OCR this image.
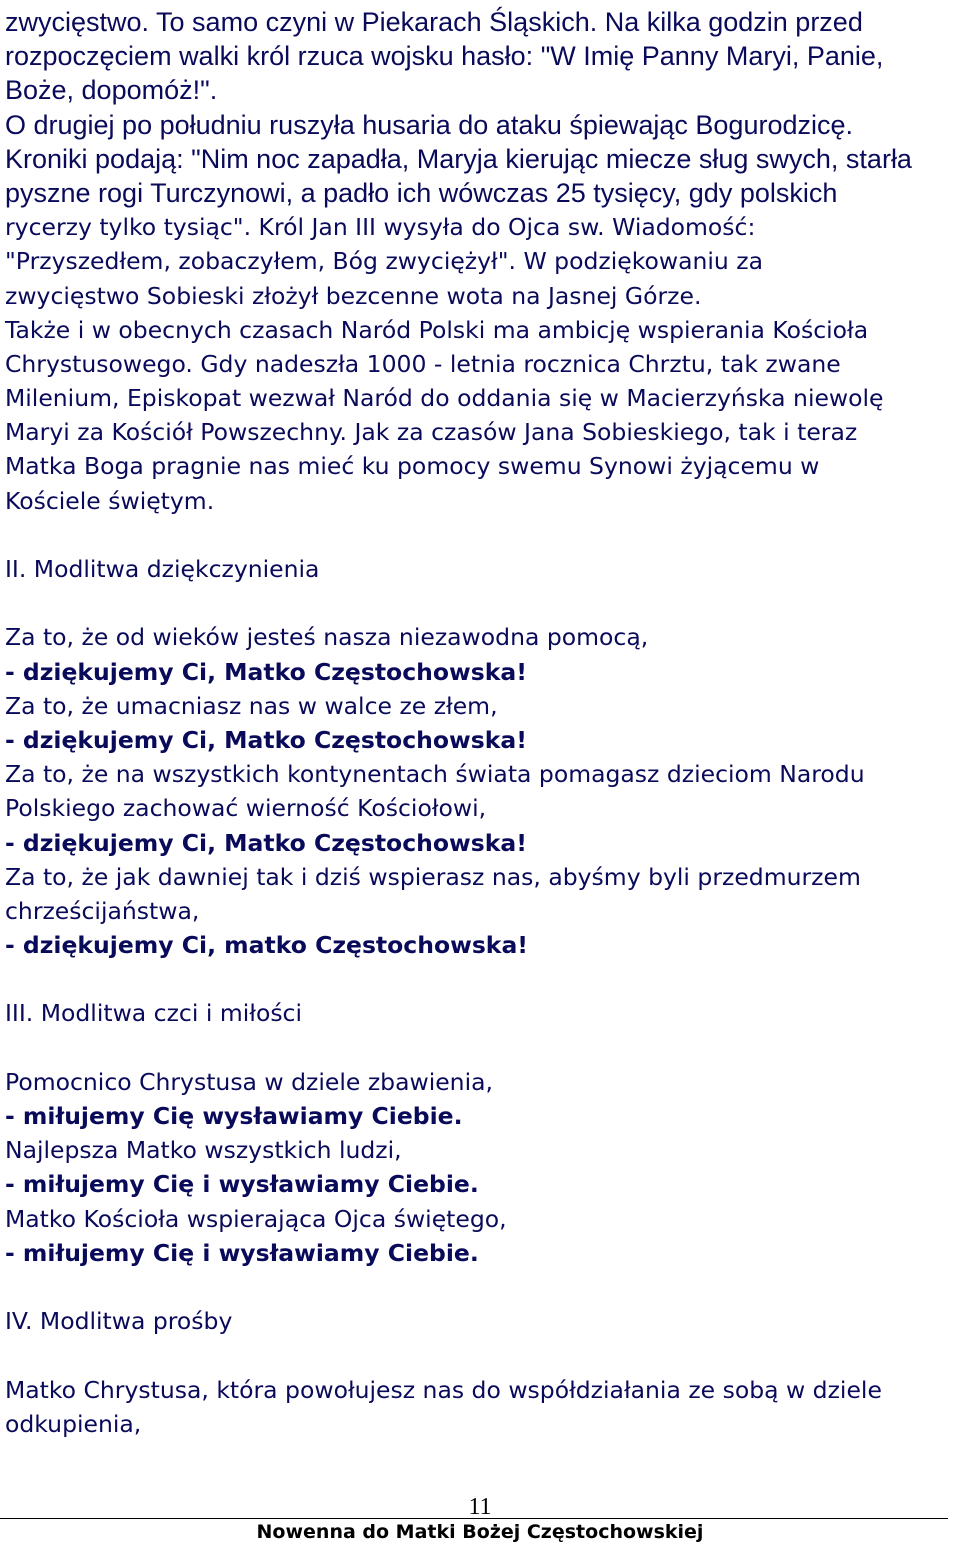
zwycięstwo. To samo czyni w Piekarach Śląskich. Na kilka godzin przed
rozpoczęciem walki król rzuca wojsku hasło: "W Imię Panny Maryi, Panie,
Boże, dopomóż!".
O drugiej po południu ruszyła husaria do ataku śpiewając Bogurodzicę.
Kroniki podają: "Nim noc zapadła, Maryja kierując miecze sług swych, starła
pyszne rogi Turczynowi, a padło ich wówczas 25 tysięcy, gdy polskich
rycerzy tylko tysiąc". Król Jan III wysyła do Ojca sw. Wiadomość:
"Przyszedłem, zobaczyłem, Bóg zwyciężył". W podziękowaniu za
zwycięstwo Sobieski złożył bezcenne wota na Jasnej Górze.
Także i w obecnych czasach Naród Polski ma ambicję wspierania Kościoła
Chrystusowego. Gdy nadeszła 1000 - letnia rocznica Chrztu, tak zwane
Milenium, Episkopat wezwał Naród do oddania się w Macierzyńska niewolę
Maryi za Kościół Powszechny. Jak za czasów Jana Sobieskiego, tak i teraz
Matka Boga pragnie nas mieć ku pomocy swemu Synowi żyjącemu w
Kościele świętym.
II. Modlitwa dziękczynienia
Za to, że od wieków jesteś nasza niezawodna pomocą,
- dziękujemy Ci, Matko Częstochowska!
Za to, że umacniasz nas w walce ze złem,
- dziękujemy Ci, Matko Częstochowska!
Za to, że na wszystkich kontynentach świata pomagasz dzieciom Narodu
Polskiego zachować wierność Kościołowi,
- dziękujemy Ci, Matko Częstochowska!
Za to, że jak dawniej tak i dziś wspierasz nas, abyśmy byli przedmurzem
chrześcijaństwa,
- dziękujemy Ci, matko Częstochowska!
III. Modlitwa czci i miłości
Pomocnico Chrystusa w dziele zbawienia,
- miłujemy Cię wysławiamy Ciebie.
Najlepsza Matko wszystkich ludzi,
- miłujemy Cię i wysławiamy Ciebie.
Matko Kościoła wspierająca Ojca świętego,
- miłujemy Cię i wysławiamy Ciebie.
IV. Modlitwa prośby
Matko Chrystusa, która powołujesz nas do współdziałania ze sobą w dziele
odkupienia,
11
Nowenna do Matki Bożej Częstochowskiej
